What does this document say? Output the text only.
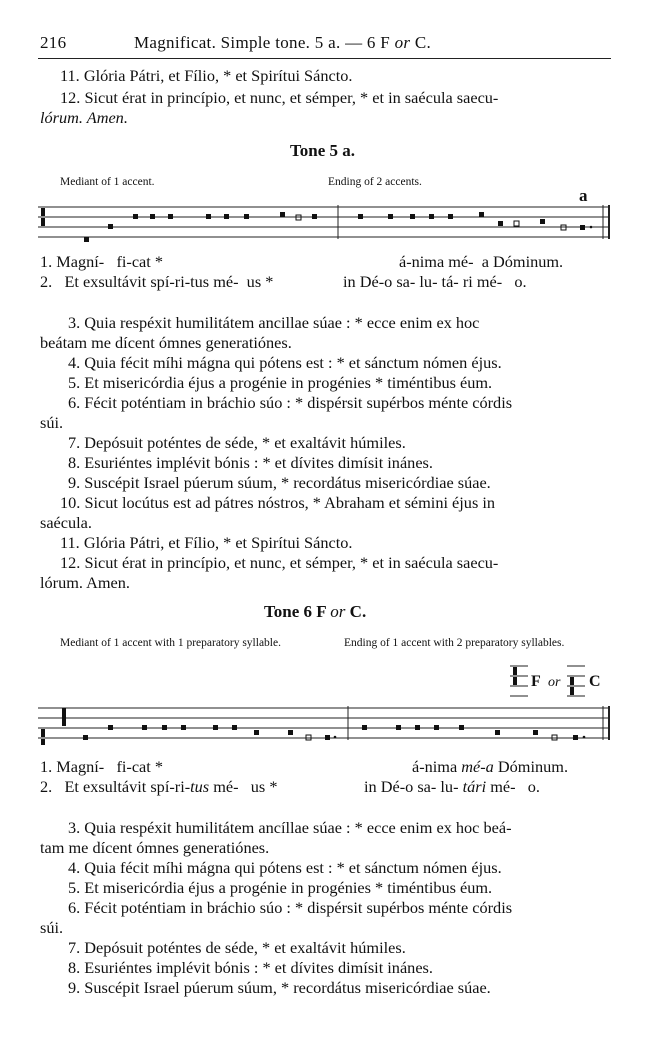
216	Magnificat. Simple tone. 5 a. — 6 F or C.
11. Glória Pátri, et Fílio, * et Spirítui Sáncto.
12. Sicut érat in princípio, et nunc, et sémper, * et in saécula saecu-
lórum. Amen.
Tone 5 a.
Mediant of 1 accent.	Ending of 2 accents.
a
1. Magní- fi-cat *	á-nima mé- a Dóminum.
2. Et exsultávit spí-ri-tus mé- us *	in Dé-o sa- lu- tá- ri mé- o.
3. Quia respéxit humilitátem ancillae súae : * ecce enim ex hoc
beátam me dícent ómnes generatiónes.
4. Quia fécit míhi mágna qui pótens est : * et sánctum nómen éjus.
5. Et misericórdia éjus a progénie in progénies * timéntibus éum.
6. Fécit poténtiam in bráchio súo : * dispérsit supérbos ménte córdis
súi.
7. Depósuit poténtes de séde, * et exaltávit húmiles.
8. Esuriéntes implévit bónis : * et dívites dimísit inánes.
9. Suscépit Israel púerum súum, * recordátus misericórdiae súae.
10. Sicut locútus est ad pátres nóstros, * Abraham et sémini éjus in
saécula.
11. Glória Pátri, et Fílio, * et Spirítui Sáncto.
12. Sicut érat in princípio, et nunc, et sémper, * et in saécula saecu-
lórum. Amen.
Tone 6 F or C.
Mediant of 1 accent with 1 preparatory syllable.	Ending of 1 accent with 2 preparatory syllables.
F or C
1. Magní- fi-cat *	á-nima mé-a Dóminum.
2. Et exsultávit spí-ri-tus mé- us *	in Dé-o sa- lu- tári mé- o.
3. Quia respéxit humilitátem ancíllae súae : * ecce enim ex hoc beá-
tam me dícent ómnes generatiónes.
4. Quia fécit míhi mágna qui pótens est : * et sánctum nómen éjus.
5. Et misericórdia éjus a progénie in progénies * timéntibus éum.
6. Fécit poténtiam in bráchio súo : * dispérsit supérbos ménte córdis
súi.
7. Depósuit poténtes de séde, * et exaltávit húmiles.
8. Esuriéntes implévit bónis : * et dívites dimísit inánes.
9. Suscépit Israel púerum súum, * recordátus misericórdiae súae.
